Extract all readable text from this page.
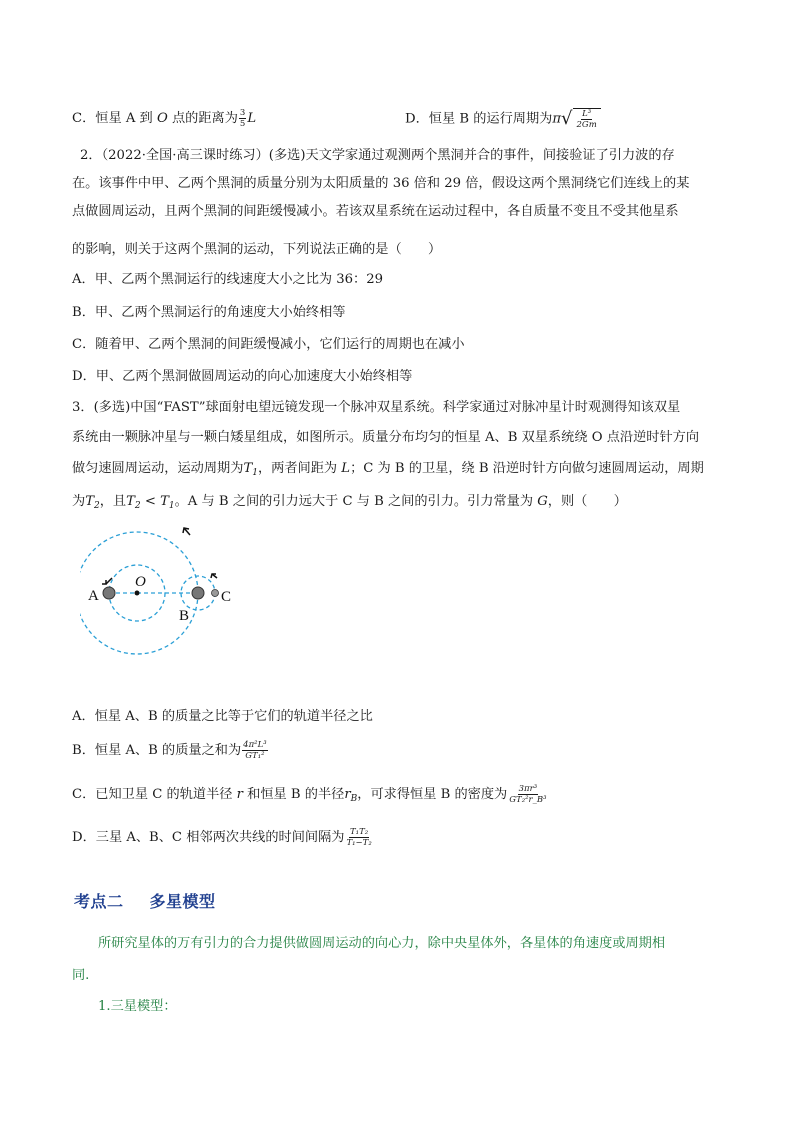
C．恒星 A 到 O 点的距离为 $\frac{3}{5}$ L	D．恒星 B 的运行周期为π √ $\frac{\text{L³}}{2Gm}$
2．（2022·全国·高三课时练习）(多选)天文学家通过观测两个黑洞并合的事件，间接验证了引力波的存
在。该事件中甲、乙两个黑洞的质量分别为太阳质量的 36 倍和 29 倍，假设这两个黑洞绕它们连线上的某
点做圆周运动，且两个黑洞的间距缓慢减小。若该双星系统在运动过程中，各自质量不变且不受其他星系
的影响，则关于这两个黑洞的运动，下列说法正确的是（　　）
A．甲、乙两个黑洞运行的线速度大小之比为 36：29
B．甲、乙两个黑洞运行的角速度大小始终相等
C．随着甲、乙两个黑洞的间距缓慢减小，它们运行的周期也在减小
D．甲、乙两个黑洞做圆周运动的向心加速度大小始终相等
3．(多选)中国“FAST”球面射电望远镜发现一个脉冲双星系统。科学家通过对脉冲星计时观测得知该双星
系统由一颗脉冲星与一颗白矮星组成，如图所示。质量分布均匀的恒星 A、B 双星系统绕 O 点沿逆时针方向
做匀速圆周运动，运动周期为$T_1$，两者间距为 L；C 为 B 的卫星，绕 B 沿逆时针方向做匀速圆周运动，周期
为$T_2$，且$T_2 < T_1$。A 与 B 之间的引力远大于 C 与 B 之间的引力。引力常量为 G，则（　　）
A
O
B
C
A．恒星 A、B 的质量之比等于它们的轨道半径之比
B．恒星 A、B 的质量之和为 $\frac{\text{4π²L³}}{\text{GT₁²}}$
C．已知卫星 C 的轨道半径 r 和恒星 B 的半径$r_B$，可求得恒星 B 的密度为 $\frac{\text{3πr³}}{\text{GT₂²r\_B³}}$
D．三星 A、B、C 相邻两次共线的时间间隔为 $\frac{\text{T₁T₂}}{\text{T₁−T₂}}$
考点二 多星模型
所研究星体的万有引力的合力提供做圆周运动的向心力，除中央星体外，各星体的角速度或周期相
同.
1.三星模型：
